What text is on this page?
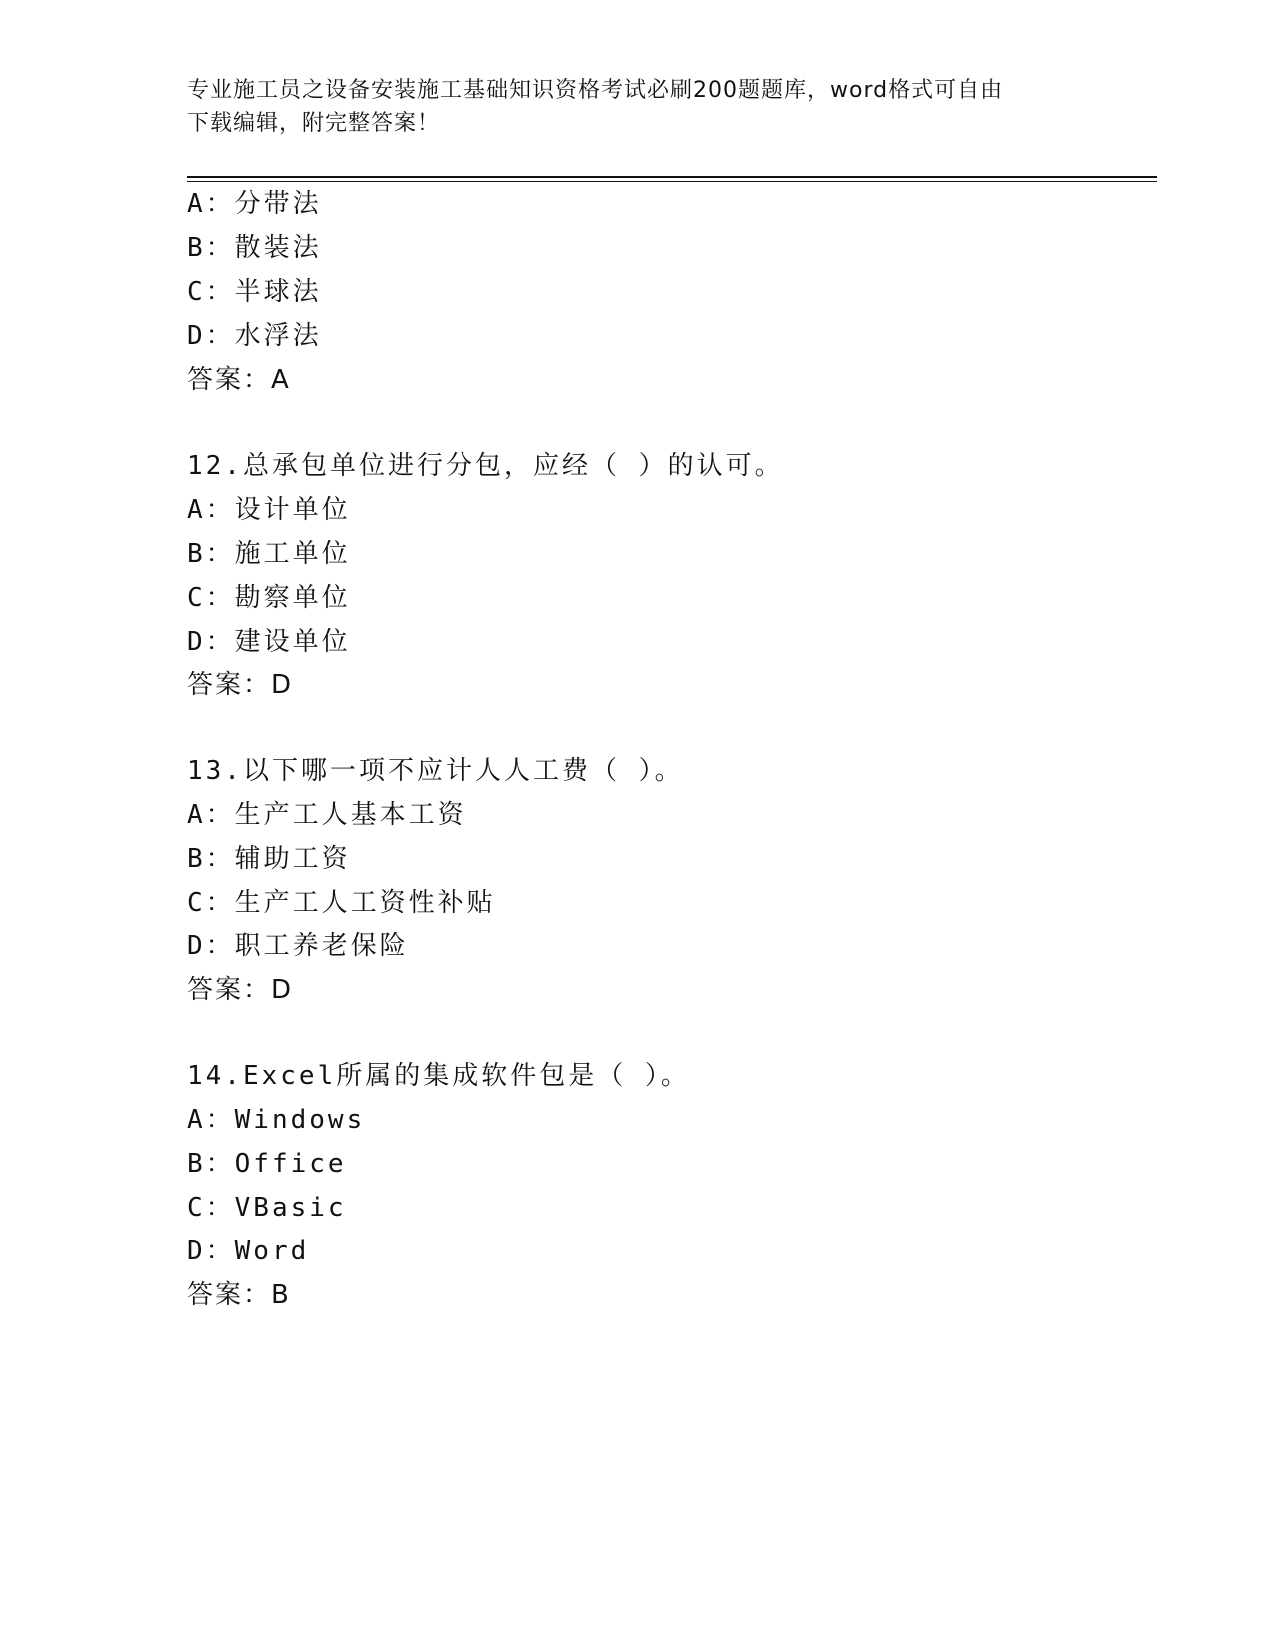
专业施工员之设备安装施工基础知识资格考试必刷200题题库，word格式可自由
下载编辑，附完整答案！
A：分带法
B：散装法
C：半球法
D：水浮法
答案：A
12.总承包单位进行分包，应经（ ）的认可。
A：设计单位
B：施工单位
C：勘察单位
D：建设单位
答案：D
13.以下哪一项不应计人人工费（ ）。
A：生产工人基本工资
B：辅助工资
C：生产工人工资性补贴
D：职工养老保险
答案：D
14.Excel所属的集成软件包是（ ）。
A：Windows
B：Office
C：VBasic
D：Word
答案：B
